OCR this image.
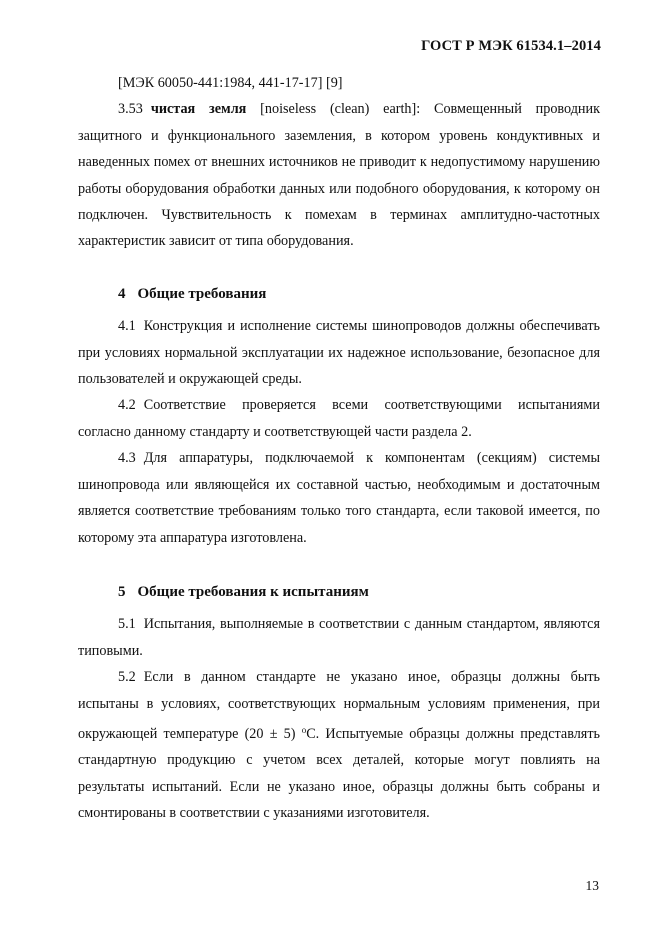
ГОСТ Р МЭК 61534.1–2014

[МЭК 60050-441:1984, 441-17-17] [9]

3.53 чистая земля [noiseless (clean) earth]: Совмещенный проводник защитного и функционального заземления, в котором уровень кондуктивных и наведенных помех от внешних источников не приводит к недопустимому нарушению работы оборудования обработки данных или подобного оборудования, к которому он подключен. Чувствительность к помехам в терминах амплитудно-частотных характеристик зависит от типа оборудования.

4 Общие требования

4.1 Конструкция и исполнение системы шинопроводов должны обеспечивать при условиях нормальной эксплуатации их надежное использование, безопасное для пользователей и окружающей среды.

4.2 Соответствие проверяется всеми соответствующими испытаниями согласно данному стандарту и соответствующей части раздела 2.

4.3 Для аппаратуры, подключаемой к компонентам (секциям) системы шинопровода или являющейся их составной частью, необходимым и достаточным является соответствие требованиям только того стандарта, если таковой имеется, по которому эта аппаратура изготовлена.

5 Общие требования к испытаниям

5.1 Испытания, выполняемые в соответствии с данным стандартом, являются типовыми.

5.2 Если в данном стандарте не указано иное, образцы должны быть испытаны в условиях, соответствующих нормальным условиям применения, при окружающей температуре (20 ± 5) $^o$С. Испытуемые образцы должны представлять стандартную продукцию с учетом всех деталей, которые могут повлиять на результаты испытаний. Если не указано иное, образцы должны быть собраны и смонтированы в соответствии с указаниями изготовителя.

13
